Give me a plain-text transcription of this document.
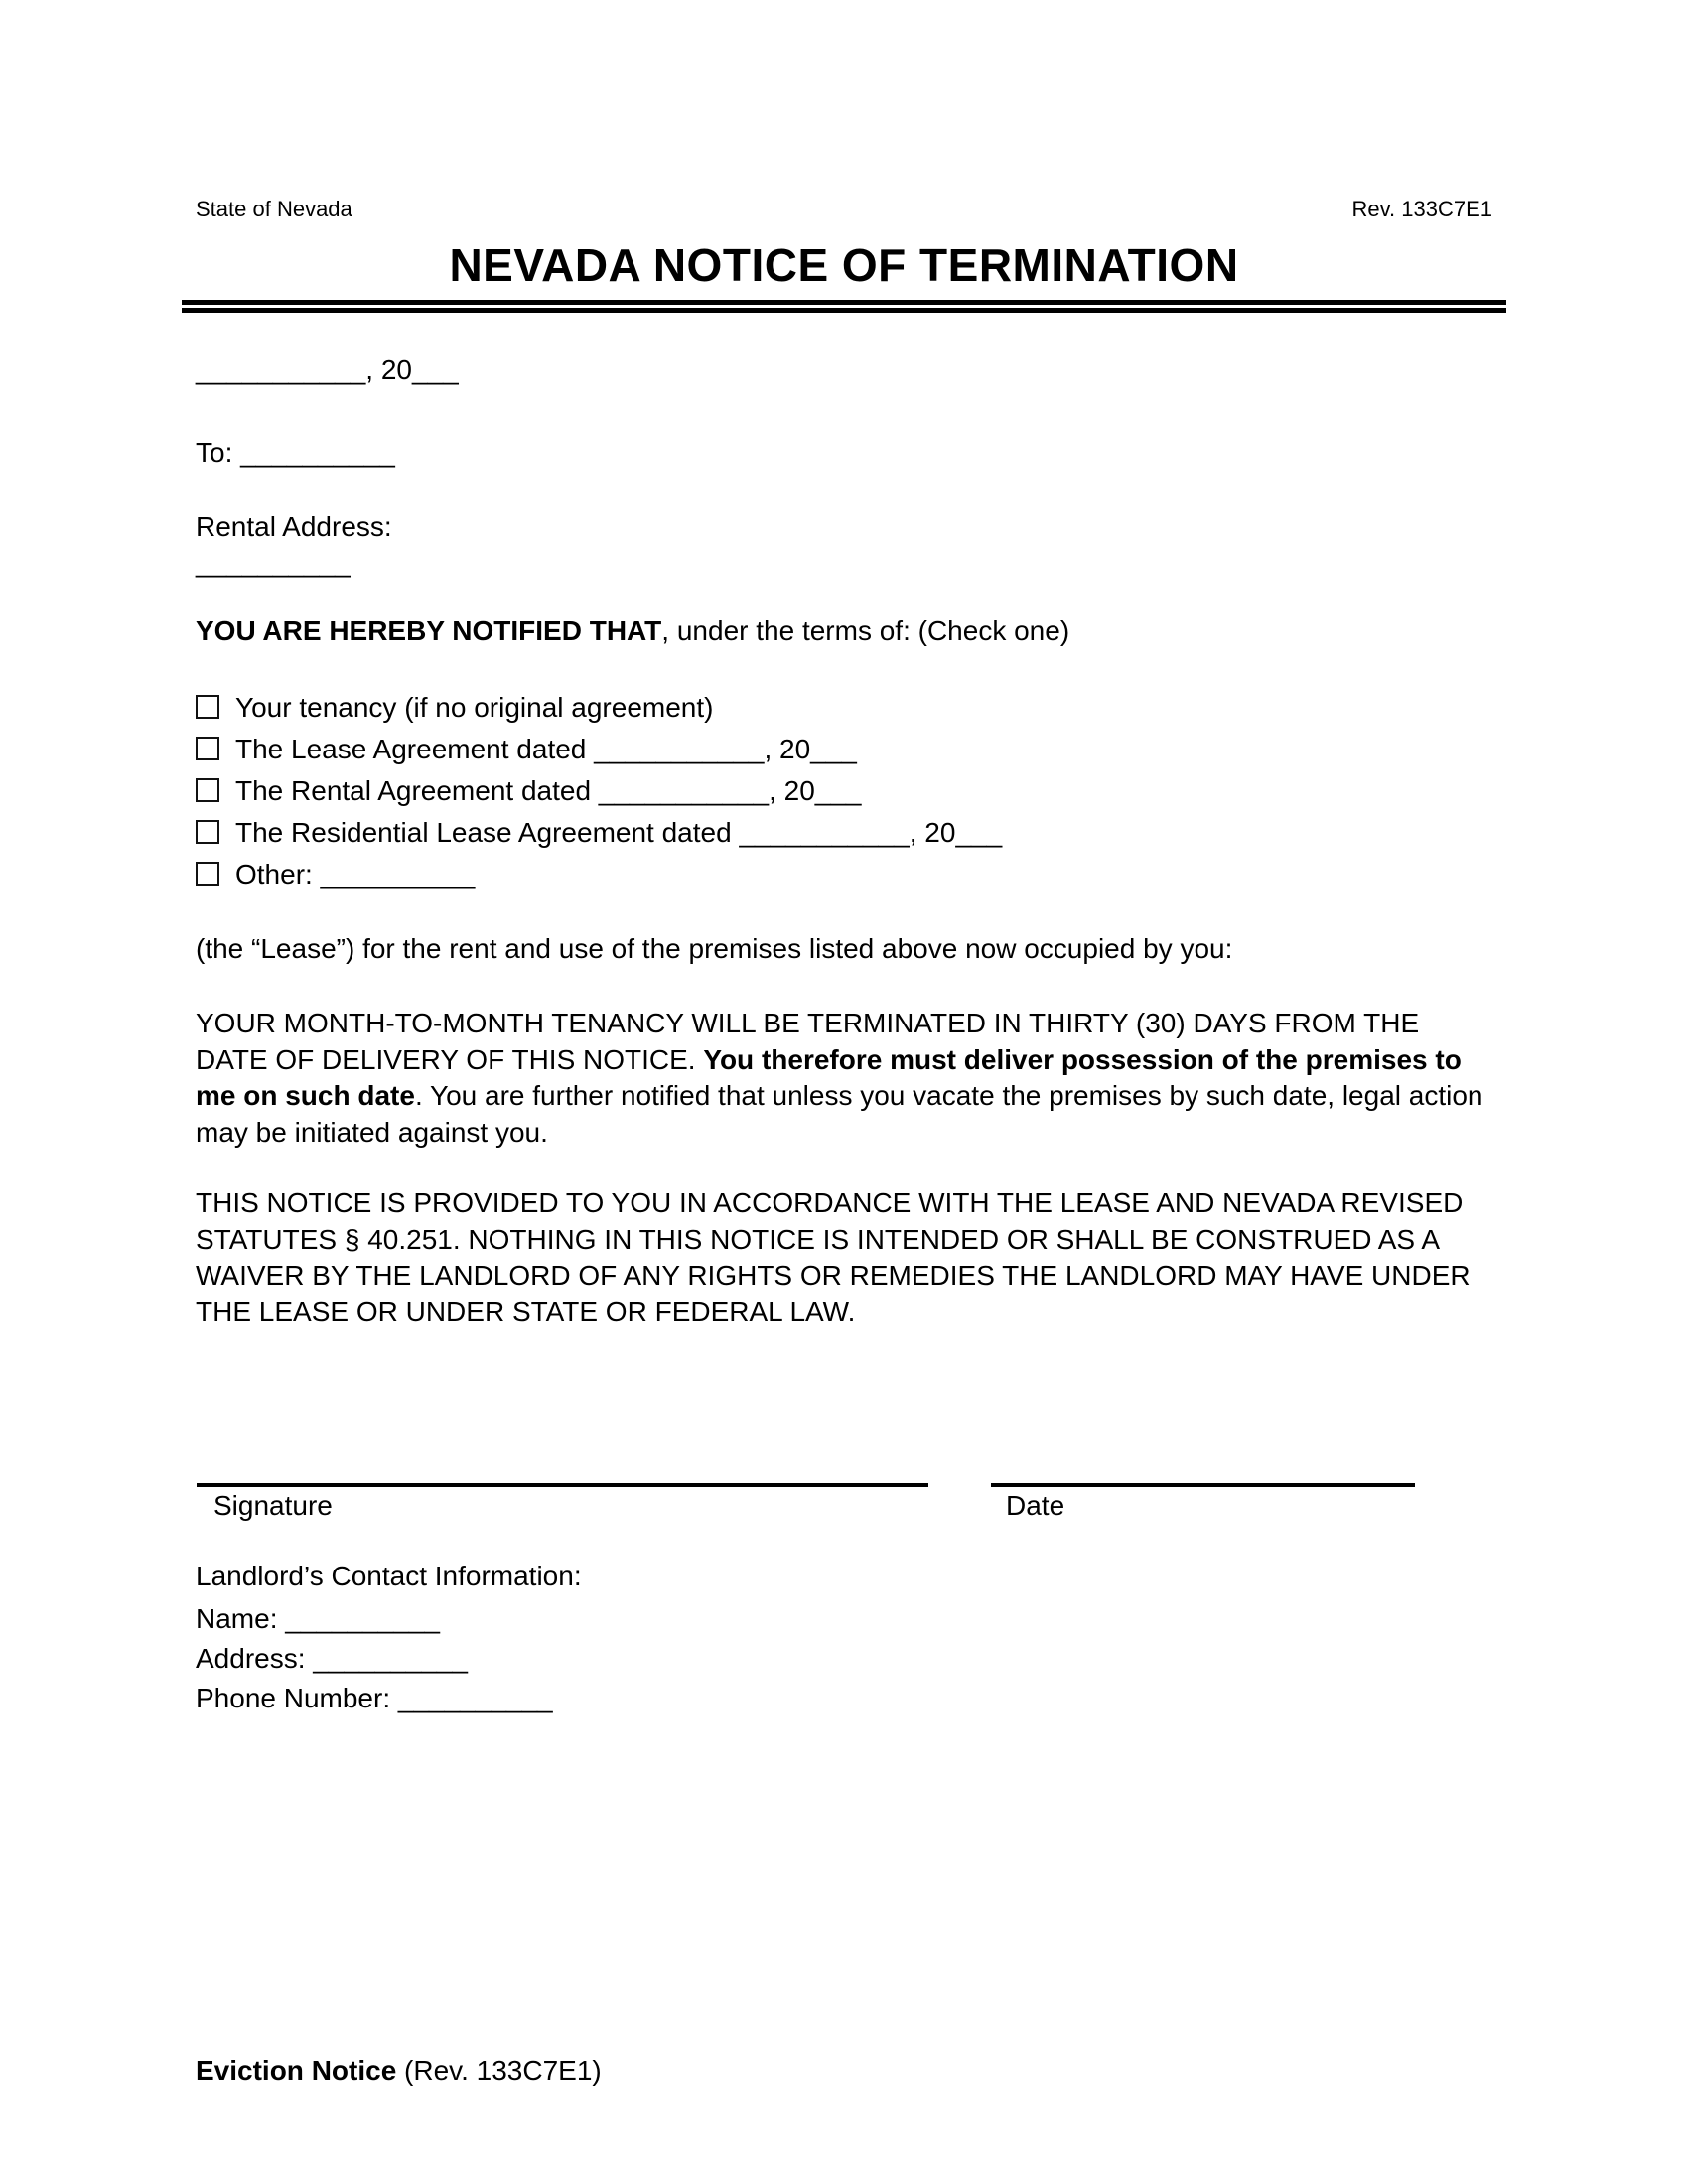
State of Nevada	Rev. 133C7E1
NEVADA NOTICE OF TERMINATION

___________, 20___

To: __________

Rental Address:

__________

YOU ARE HEREBY NOTIFIED THAT, under the terms of: (Check one)

Your tenancy (if no original agreement)
The Lease Agreement dated ___________, 20___
The Rental Agreement dated ___________, 20___
The Residential Lease Agreement dated ___________, 20___
Other: __________

(the “Lease”) for the rent and use of the premises listed above now occupied by you:

YOUR MONTH-TO-MONTH TENANCY WILL BE TERMINATED IN THIRTY (30) DAYS FROM THE DATE OF DELIVERY OF THIS NOTICE. You therefore must deliver possession of the premises to me on such date. You are further notified that unless you vacate the premises by such date, legal action may be initiated against you.

THIS NOTICE IS PROVIDED TO YOU IN ACCORDANCE WITH THE LEASE AND NEVADA REVISED STATUTES § 40.251. NOTHING IN THIS NOTICE IS INTENDED OR SHALL BE CONSTRUED AS A WAIVER BY THE LANDLORD OF ANY RIGHTS OR REMEDIES THE LANDLORD MAY HAVE UNDER THE LEASE OR UNDER STATE OR FEDERAL LAW.

Signature	Date

Landlord’s Contact Information:

Name: __________

Address: __________

Phone Number: __________

Eviction Notice (Rev. 133C7E1)
